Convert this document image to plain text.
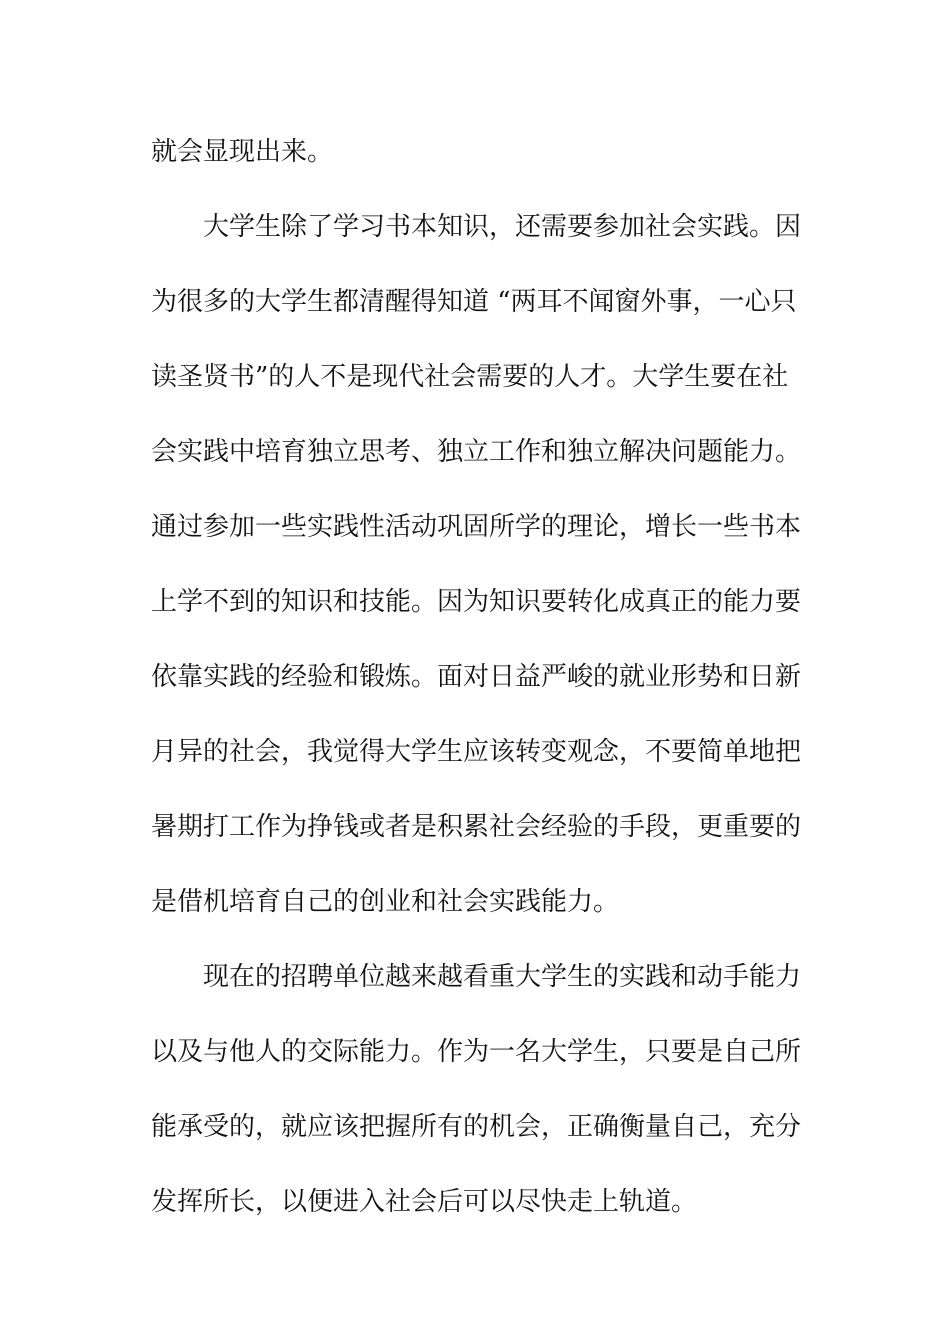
就会显现出来。
大学生除了学习书本知识，还需要参加社会实践。因
为很多的大学生都清醒得知道 “两耳不闻窗外事，一心只
读圣贤书”的人不是现代社会需要的人才。大学生要在社
会实践中培育独立思考、独立工作和独立解决问题能力。
通过参加一些实践性活动巩固所学的理论，增长一些书本
上学不到的知识和技能。因为知识要转化成真正的能力要
依靠实践的经验和锻炼。面对日益严峻的就业形势和日新
月异的社会，我觉得大学生应该转变观念，不要简单地把
暑期打工作为挣钱或者是积累社会经验的手段，更重要的
是借机培育自己的创业和社会实践能力。
现在的招聘单位越来越看重大学生的实践和动手能力
以及与他人的交际能力。作为一名大学生，只要是自己所
能承受的，就应该把握所有的机会，正确衡量自己，充分
发挥所长，以便进入社会后可以尽快走上轨道。
